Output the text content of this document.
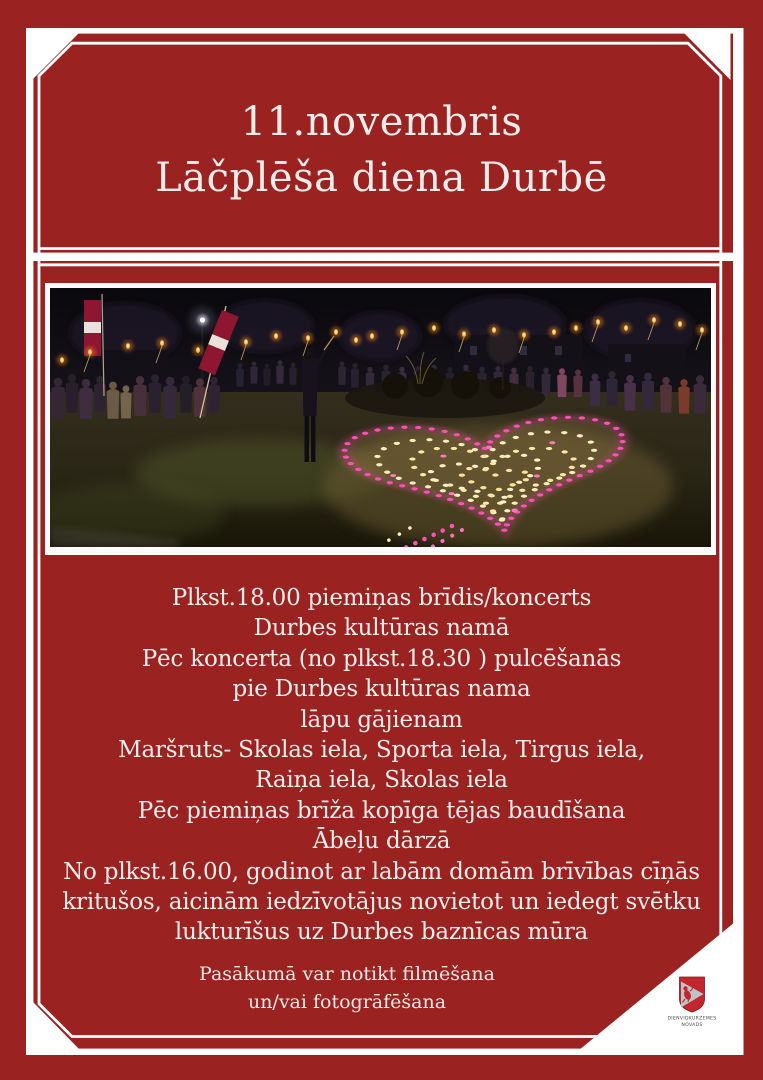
11.novembris
Lāčplēša diena Durbē
Plkst.18.00 piemiņas brīdis/koncerts
Durbes kultūras namā
Pēc koncerta (no plkst.18.30 ) pulcēšanās
pie Durbes kultūras nama
lāpu gājienam
Maršruts- Skolas iela, Sporta iela, Tirgus iela,
Raiņa iela, Skolas iela
Pēc piemiņas brīža kopīga tējas baudīšana
Ābeļu dārzā
No plkst.16.00, godinot ar labām domām brīvības cīņās
kritušos, aicinām iedzīvotājus novietot un iedegt svētku
lukturīšus uz Durbes baznīcas mūra
Pasākumā var notikt filmēšana
un/vai fotogrāfēšana
DIENVIDKURZEMES
NOVADS
